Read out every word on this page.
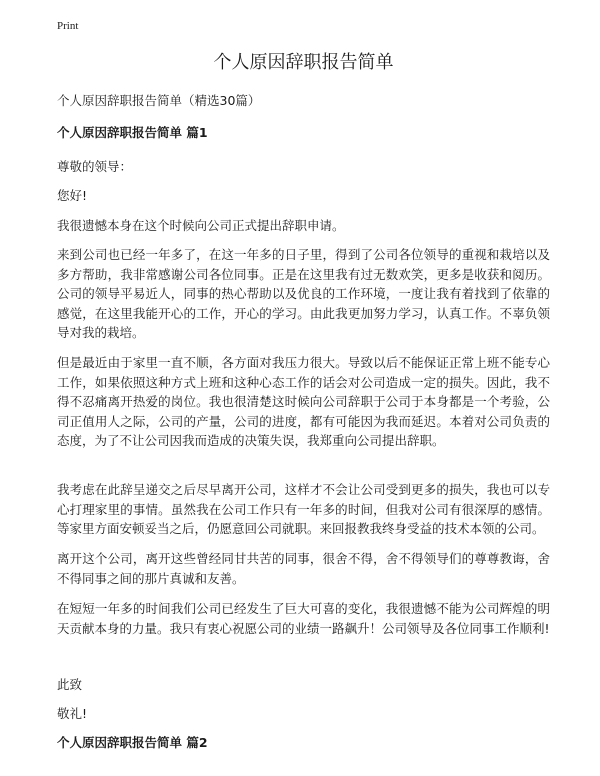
Print
个人原因辞职报告简单

个人原因辞职报告简单（精选30篇）

个人原因辞职报告简单 篇1

尊敬的领导：

您好!

我很遗憾本身在这个时候向公司正式提出辞职申请。

来到公司也已经一年多了，在这一年多的日子里，得到了公司各位领导的重视和栽培以及多方帮助，我非常感谢公司各位同事。正是在这里我有过无数欢笑，更多是收获和阅历。公司的领导平易近人，同事的热心帮助以及优良的工作环境，一度让我有着找到了依靠的感觉，在这里我能开心的工作，开心的学习。由此我更加努力学习，认真工作。不辜负领导对我的栽培。

但是最近由于家里一直不顺，各方面对我压力很大。导致以后不能保证正常上班不能专心工作，如果依照这种方式上班和这种心态工作的话会对公司造成一定的损失。因此，我不得不忍痛离开热爱的岗位。我也很清楚这时候向公司辞职于公司于本身都是一个考验，公司正值用人之际，公司的产量，公司的进度，都有可能因为我而延迟。本着对公司负责的态度，为了不让公司因我而造成的决策失误，我郑重向公司提出辞职。

我考虑在此辞呈递交之后尽早离开公司，这样才不会让公司受到更多的损失，我也可以专心打理家里的事情。虽然我在公司工作只有一年多的时间，但我对公司有很深厚的感情。等家里方面安顿妥当之后，仍愿意回公司就职。来回报教我终身受益的技术本领的公司。

离开这个公司，离开这些曾经同甘共苦的同事，很舍不得，舍不得领导们的尊尊教诲，舍不得同事之间的那片真诚和友善。

在短短一年多的时间我们公司已经发生了巨大可喜的变化，我很遗憾不能为公司辉煌的明天贡献本身的力量。我只有衷心祝愿公司的业绩一路飙升！公司领导及各位同事工作顺利!

此致

敬礼!

个人原因辞职报告简单 篇2
